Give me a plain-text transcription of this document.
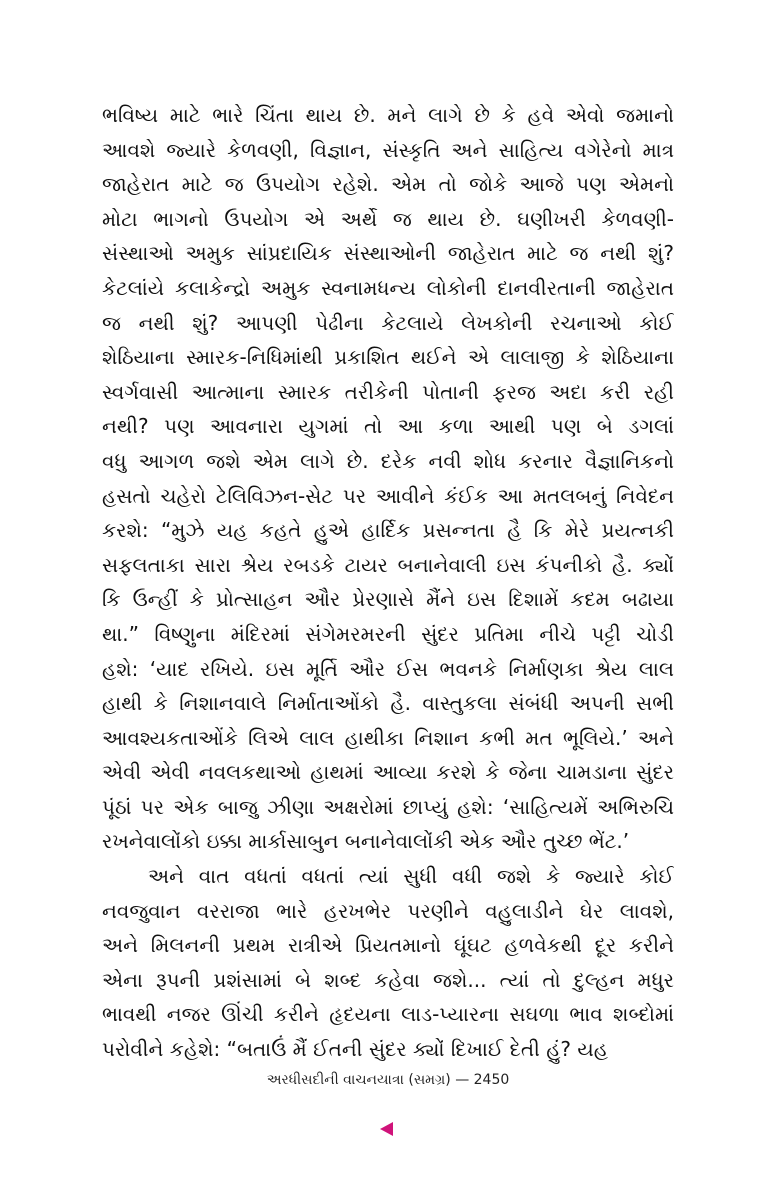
ભવિષ્ય માટે ભારે ચિંતા થાય છે. મને લાગે છે કે હવે એવો જમાનો
આવશે જ્યારે કેળવણી, વિજ્ઞાન, સંસ્કૃતિ અને સાહિત્ય વગેરેનો માત્ર
જાહેરાત માટે જ ઉપયોગ રહેશે. એમ તો જોકે આજે પણ એમનો
મોટા ભાગનો ઉપયોગ એ અર્થે જ થાય છે. ઘણીખરી કેળવણી-
સંસ્થાઓ અમુક સાંપ્રદાયિક સંસ્થાઓની જાહેરાત માટે જ નથી શું?
કેટલાંયે કલાકેન્દ્રો અમુક સ્વનામધન્ય લોકોની દાનવીરતાની જાહેરાત
જ નથી શું? આપણી પેઢીના કેટલાયે લેખકોની રચનાઓ કોઈ
શેઠિયાના સ્મારક-નિધિમાંથી પ્રકાશિત થઈને એ લાલાજી કે શેઠિયાના
સ્વર્ગવાસી આત્માના સ્મારક તરીકેની પોતાની ફરજ અદા કરી રહી
નથી? પણ આવનારા યુગમાં તો આ કળા આથી પણ બે ડગલાં
વધુ આગળ જશે એમ લાગે છે. દરેક નવી શોધ કરનાર વૈજ્ઞાનિકનો
હસતો ચહેરો ટેલિવિઝન-સેટ પર આવીને કંઈક આ મતલબનું નિવેદન
કરશે: “મુઝે યહ કહતે હુએ હાર્દિક પ્રસન્નતા હૈ કિ મેરે પ્રયત્નકી
સફલતાકા સારા શ્રેય રબડકે ટાયર બનાનેવાલી ઇસ કંપનીકો હૈ. ક્યોં
કિ ઉન્હીં કે પ્રોત્સાહન ઔર પ્રેરણાસે મૈંને ઇસ દિશામેં કદમ બઢાયા
થા.” વિષ્ણુના મંદિરમાં સંગેમરમરની સુંદર પ્રતિમા નીચે પટ્ટી ચોડી
હશે: ‘યાદ રખિયે. ઇસ મૂર્તિ ઔર ઈસ ભવનકે નિર્માણકા શ્રેય લાલ
હાથી કે નિશાનવાલે નિર્માતાઓંકો હૈ. વાસ્તુકલા સંબંધી અપની સભી
આવશ્યકતાઓંકે લિએ લાલ હાથીકા નિશાન કભી મત ભૂલિયે.’ અને
એવી એવી નવલકથાઓ હાથમાં આવ્યા કરશે કે જેના ચામડાના સુંદર
પૂંઠાં પર એક બાજુ ઝીણા અક્ષરોમાં છાપ્યું હશે: ‘સાહિત્યમેં અભિરુચિ
રખનેવાલોંકો ઇક્કા માર્કાસાબુન બનાનેવાલોંકી એક ઔર તુચ્છ ભેંટ.’
અને વાત વધતાં વધતાં ત્યાં સુધી વધી જશે કે જ્યારે કોઈ
નવજુવાન વરરાજા ભારે હરખભેર પરણીને વહુલાડીને ઘેર લાવશે,
અને મિલનની પ્રથમ રાત્રીએ પ્રિયતમાનો ઘૂંઘટ હળવેકથી દૂર કરીને
એના રૂપની પ્રશંસામાં બે શબ્દ કહેવા જશે... ત્યાં તો દુલ્હન મધુર
ભાવથી નજર ઊંચી કરીને હૃદયના લાડ-પ્યારના સઘળા ભાવ શબ્દોમાં
પરોવીને કહેશે: “બતાઉં મૈં ઈતની સુંદર ક્યોં દિખાઈ દેતી હું? યહ
અરધીસદીની વાચનયાત્રા (સમગ્ર) — 2450
